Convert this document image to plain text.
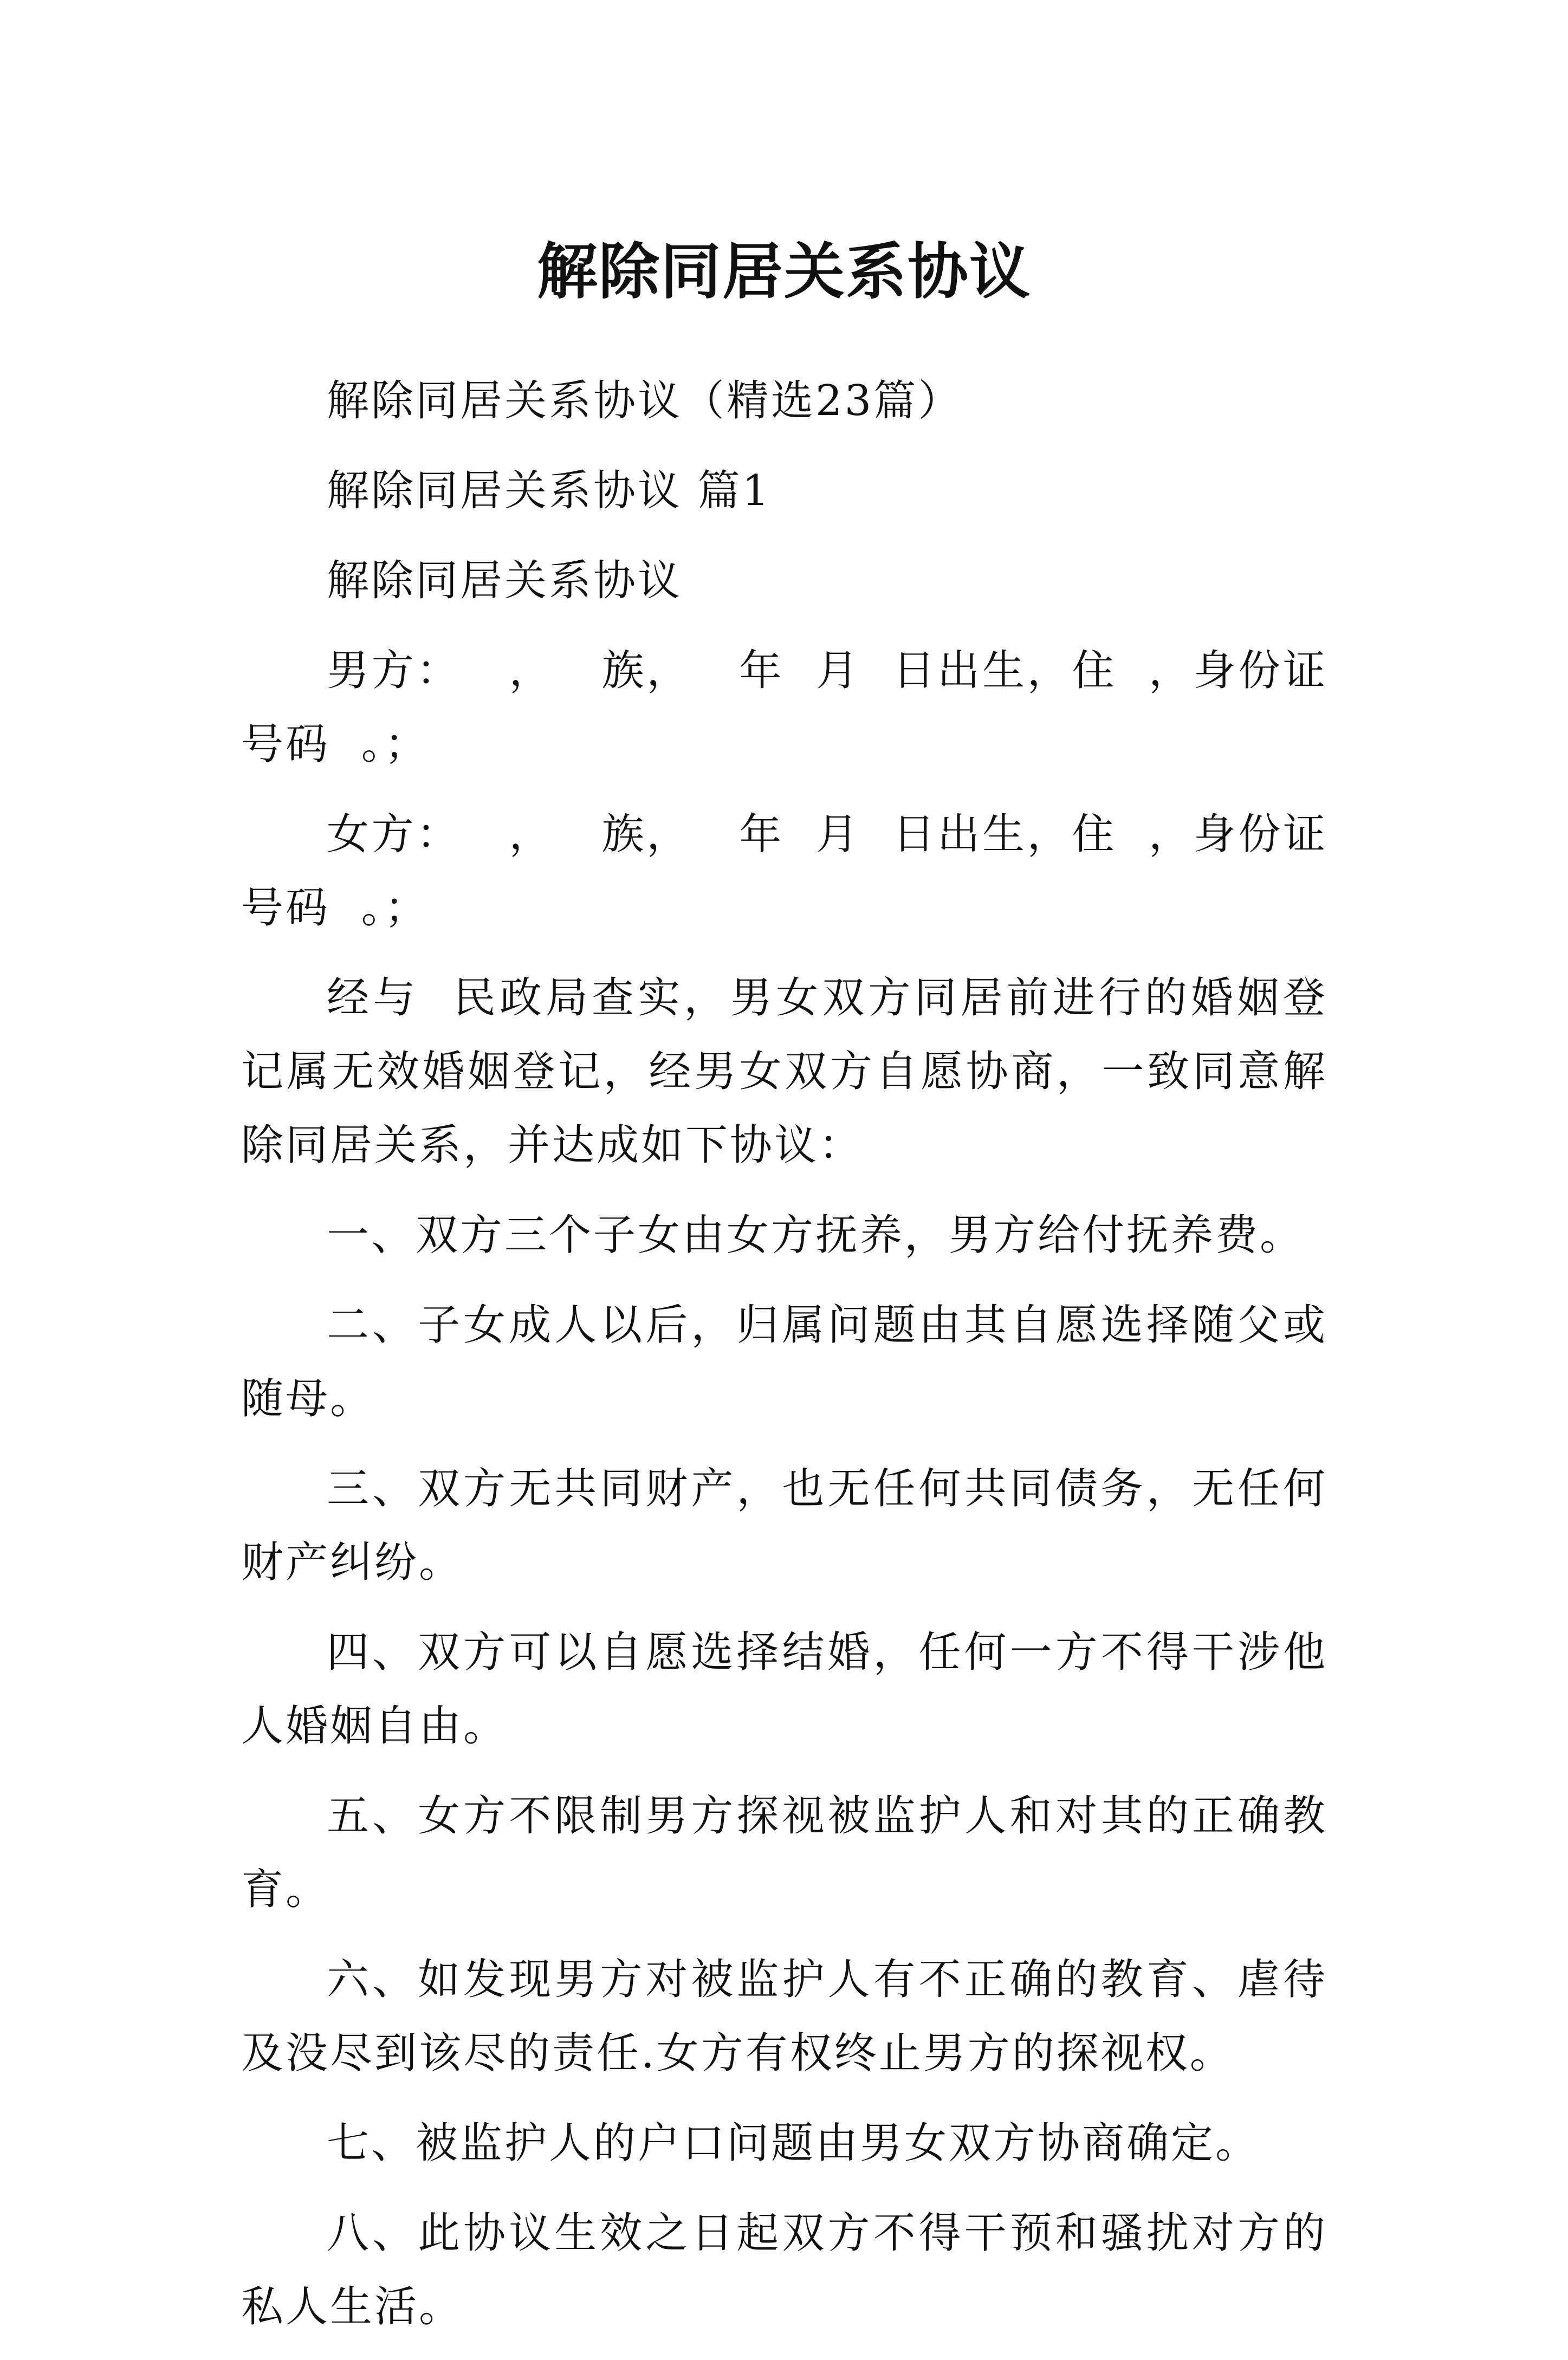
解除同居关系协议

解除同居关系协议（精选23篇）

解除同居关系协议 篇1

解除同居关系协议

男方：   ，   族，   年  月  日出生，住  ，身份证号码  。；

女方：   ，   族，   年  月  日出生，住  ，身份证号码  。；

经与  民政局查实，男女双方同居前进行的婚姻登记属无效婚姻登记，经男女双方自愿协商，一致同意解除同居关系，并达成如下协议：

一、双方三个子女由女方抚养，男方给付抚养费。

二、子女成人以后，归属问题由其自愿选择随父或随母。

三、双方无共同财产，也无任何共同债务，无任何财产纠纷。

四、双方可以自愿选择结婚，任何一方不得干涉他人婚姻自由。

五、女方不限制男方探视被监护人和对其的正确教育。

六、如发现男方对被监护人有不正确的教育、虐待及没尽到该尽的责任.女方有权终止男方的探视权。

七、被监护人的户口问题由男女双方协商确定。

八、此协议生效之日起双方不得干预和骚扰对方的私人生活。
